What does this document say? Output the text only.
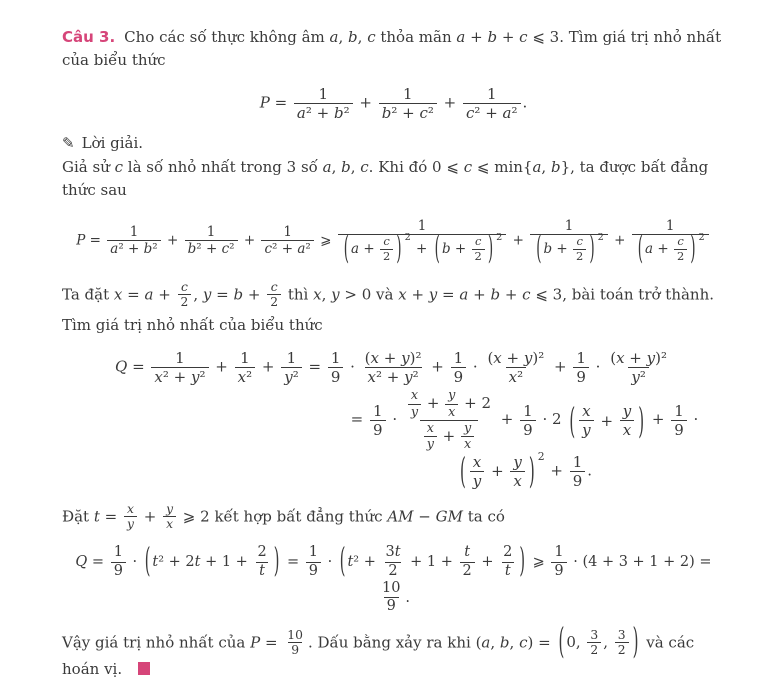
Câu 3. Cho các số thực không âm a, b, c thỏa mãn a + b + c ⩽ 3. Tìm giá trị nhỏ nhất của biểu thức

$P = \frac{1}{\text{a² + b²}} + \frac{1}{\text{b² + c²}} + \frac{1}{\text{c² + a²}}$ .
✎ Lời giải.

Giả sử c là số nhỏ nhất trong 3 số a, b, c. Khi đó 0 ⩽ c ⩽ min{a, b}, ta được bất đẳng thức sau

$P = \frac{1}{\text{a² + b²}} + \frac{1}{\text{b² + c²}} + \frac{1}{\text{c² + a²}}$ ⩾ 1
( $a + \frac{c}{2}$ ) 2
+ ( $b + \frac{c}{2}$ ) $2 + \frac{1}{( b + \frac{c}{2} ) 2} + \frac{1}{( a + \frac{c}{2} ) 2}$

Ta đặt $x = a + \frac{c}{2}$ , $y = b + \frac{c}{2}$ thì x, y > 0 và x + y = a + b + c ⩽ 3, bài toán trở thành.

Tìm giá trị nhỏ nhất của biểu thức

$Q = \frac{1}{\text{x² + y²}} + \frac{1}{\text{x²}} + \frac{1}{\text{y²}} = \frac{1}{9} \cdot \frac{\text{(x + y)²}}{\text{x² + y²}} + \frac{1}{9} \cdot \frac{\text{(x + y)²}}{\text{x²}} + \frac{1}{9} \cdot \frac{\text{(x + y)²}}{\text{y²}}$
= $\frac{1}{9} \cdot \frac{\frac{x}{y} + \frac{y}{x} + 2}{\frac{x}{y} + \frac{y}{x}} + \frac{1}{9} \cdot 2$ ( $\frac{x}{y} + \frac{y}{x}$ ) + $\frac{1}{9}$ ·
( $\frac{x}{y} + \frac{y}{x}$ ) 2
+ $\frac{1}{9}$ .

Đặt $t = \frac{x}{y} + \frac{y}{x}$ ⩾ 2 kết hợp bất đẳng thức AM − GM ta có

$Q = \frac{1}{9}$ · ( $t^2 + 2t + 1 + \frac{2}{t}$ ) = $\frac{1}{9}$ · ( $t^2 + \frac{3t}{2} + 1 + \frac{t}{2} + \frac{2}{t}$ ) ⩾ $\frac{1}{9} \cdot (4 + 3 + 1 + 2)$ =
$\frac{10}{9}$ .

Vậy giá trị nhỏ nhất của $P = \frac{10}{9}$ . Dấu bằng xảy ra khi (a, b, c) = ( 0, $\frac{3}{2}$ , $\frac{3}{2}$ ) và các hoán vị.
